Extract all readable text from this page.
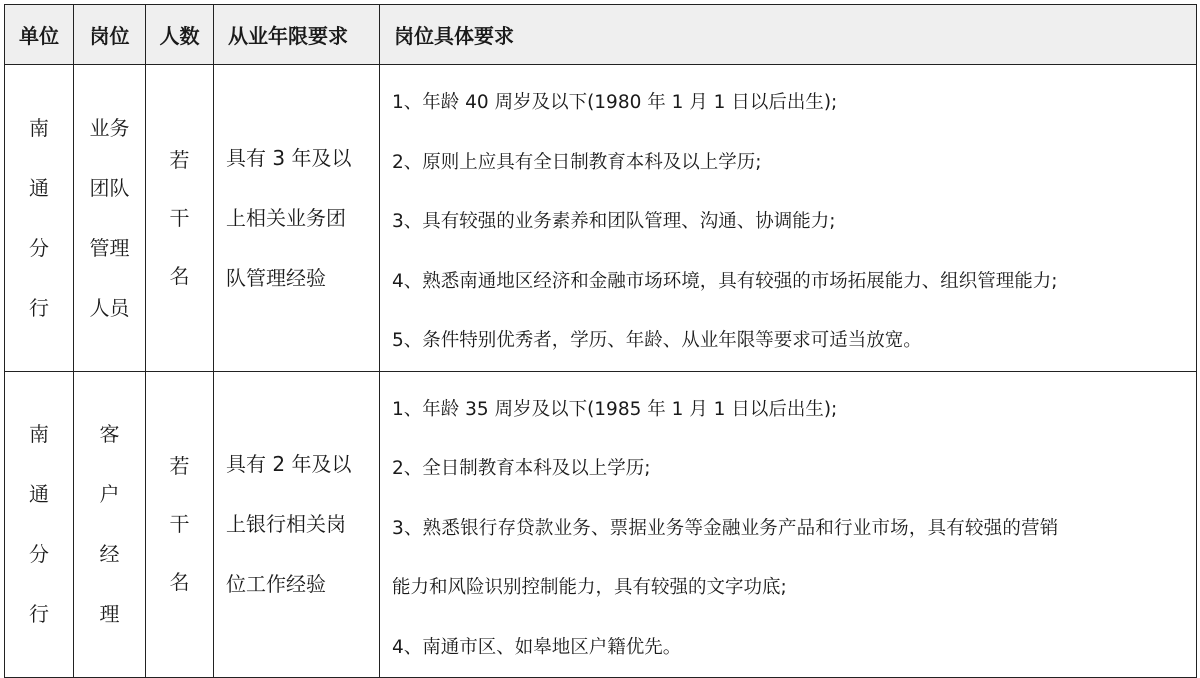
单位	岗位	人数	从业年限要求	岗位具体要求

南
通
分
行	业务
团队
管理
人员	若
干
名	具有 3 年及以
上相关业务团
队管理经验	1、年龄 40 周岁及以下(1980 年 1 月 1 日以后出生);
2、原则上应具有全日制教育本科及以上学历;
3、具有较强的业务素养和团队管理、沟通、协调能力;
4、熟悉南通地区经济和金融市场环境，具有较强的市场拓展能力、组织管理能力;
5、条件特别优秀者，学历、年龄、从业年限等要求可适当放宽。

南
通
分
行	客
户
经
理	若
干
名	具有 2 年及以
上银行相关岗
位工作经验	1、年龄 35 周岁及以下(1985 年 1 月 1 日以后出生);
2、全日制教育本科及以上学历;
3、熟悉银行存贷款业务、票据业务等金融业务产品和行业市场，具有较强的营销
能力和风险识别控制能力，具有较强的文字功底;
4、南通市区、如皋地区户籍优先。
